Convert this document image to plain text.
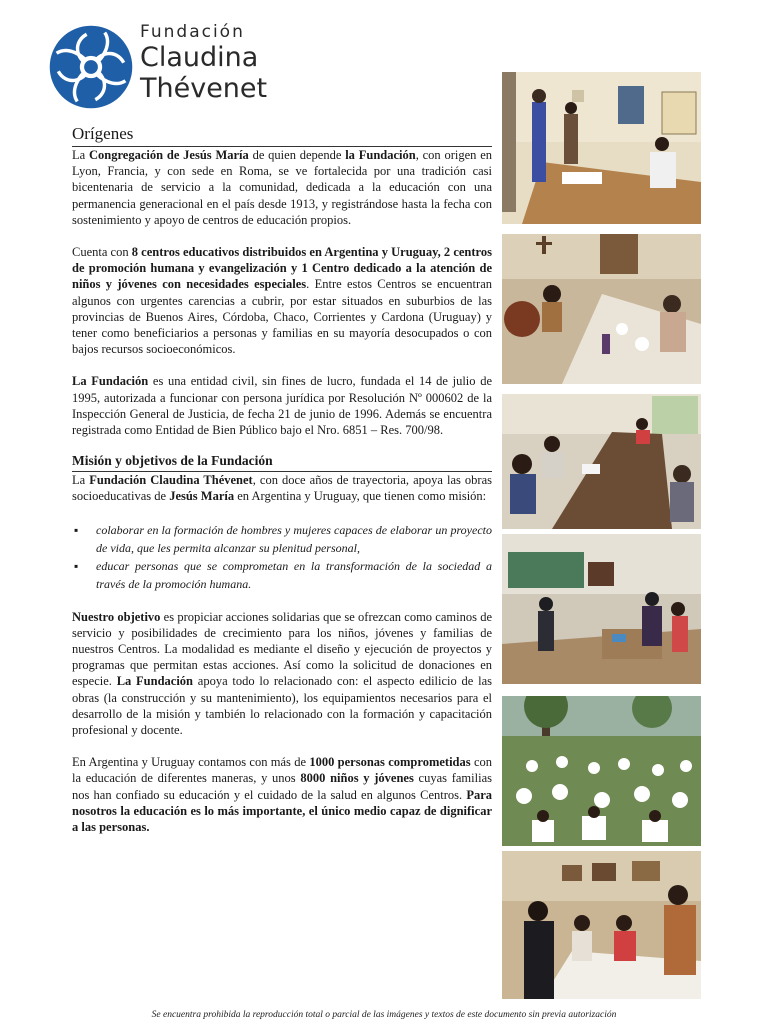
Fundación
Claudina
Thévenet
Orígenes

La Congregación de Jesús María de quien depende la Fundación, con origen en Lyon, Francia, y con sede en Roma, se ve fortalecida por una tradición casi bicentenaria de servicio a la comunidad, dedicada a la educación con una permanencia generacional en el país desde 1913, y registrándose hasta la fecha con sostenimiento y apoyo de centros de educación propios.

Cuenta con 8 centros educativos distribuidos en Argentina y Uruguay, 2 centros de promoción humana y evangelización y 1 Centro dedicado a la atención de niños y jóvenes con necesidades especiales. Entre estos Centros se encuentran algunos con urgentes carencias a cubrir, por estar situados en suburbios de las provincias de Buenos Aires, Córdoba, Chaco, Corrientes y Cardona (Uruguay) y tener como beneficiarios a personas y familias en su mayoría desocupados o con bajos recursos socioeconómicos.

La Fundación es una entidad civil, sin fines de lucro, fundada el 14 de julio de 1995, autorizada a funcionar con persona jurídica por Resolución Nº 000602 de la Inspección General de Justicia, de fecha 21 de junio de 1996. Además se encuentra registrada como Entidad de Bien Público bajo el Nro. 6851 – Res. 700/98.

Misión y objetivos de la Fundación

La Fundación Claudina Thévenet, con doce años de trayectoria, apoya las obras socioeducativas de Jesús María en Argentina y Uruguay, que tienen como misión:

▪ colaborar en la formación de hombres y mujeres capaces de elaborar un proyecto de vida, que les permita alcanzar su plenitud personal,
▪ educar personas que se comprometan en la transformación de la sociedad a través de la promoción humana.

Nuestro objetivo es propiciar acciones solidarias que se ofrezcan como caminos de servicio y posibilidades de crecimiento para los niños, jóvenes y familias de nuestros Centros. La modalidad es mediante el diseño y ejecución de proyectos y programas que permitan estas acciones. Así como la solicitud de donaciones en especie. La Fundación apoya todo lo relacionado con: el aspecto edilicio de las obras (la construcción y su mantenimiento), los equipamientos necesarios para el desarrollo de la misión y también lo relacionado con la formación y capacitación profesional y docente.

En Argentina y Uruguay contamos con más de 1000 personas comprometidas con la educación de diferentes maneras, y unos 8000 niños y jóvenes cuyas familias nos han confiado su educación y el cuidado de la salud en algunos Centros. Para nosotros la educación es lo más importante, el único medio capaz de dignificar a las personas.

Se encuentra prohibida la reproducción total o parcial de las imágenes y textos de este documento sin previa autorización
